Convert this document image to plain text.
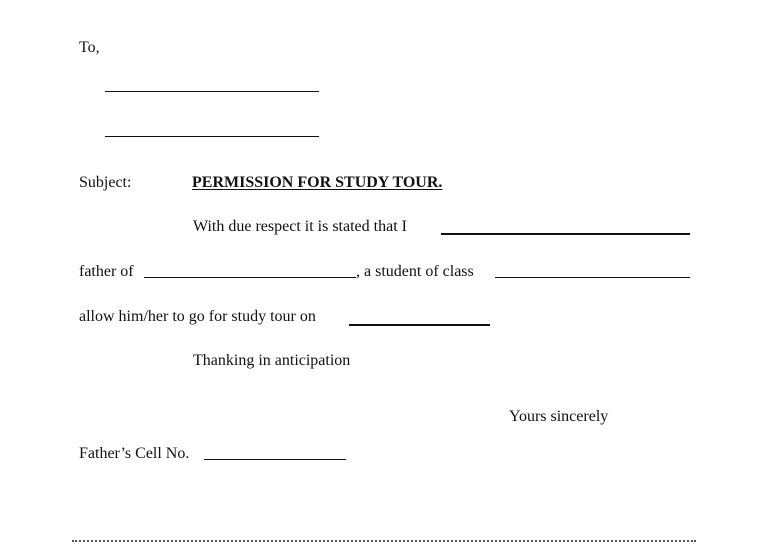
To,
Subject:	PERMISSION FOR STUDY TOUR.
With due respect it is stated that I
father of	, a student of class
allow him/her to go for study tour on
Thanking in anticipation
Yours sincerely
Father’s Cell No.
